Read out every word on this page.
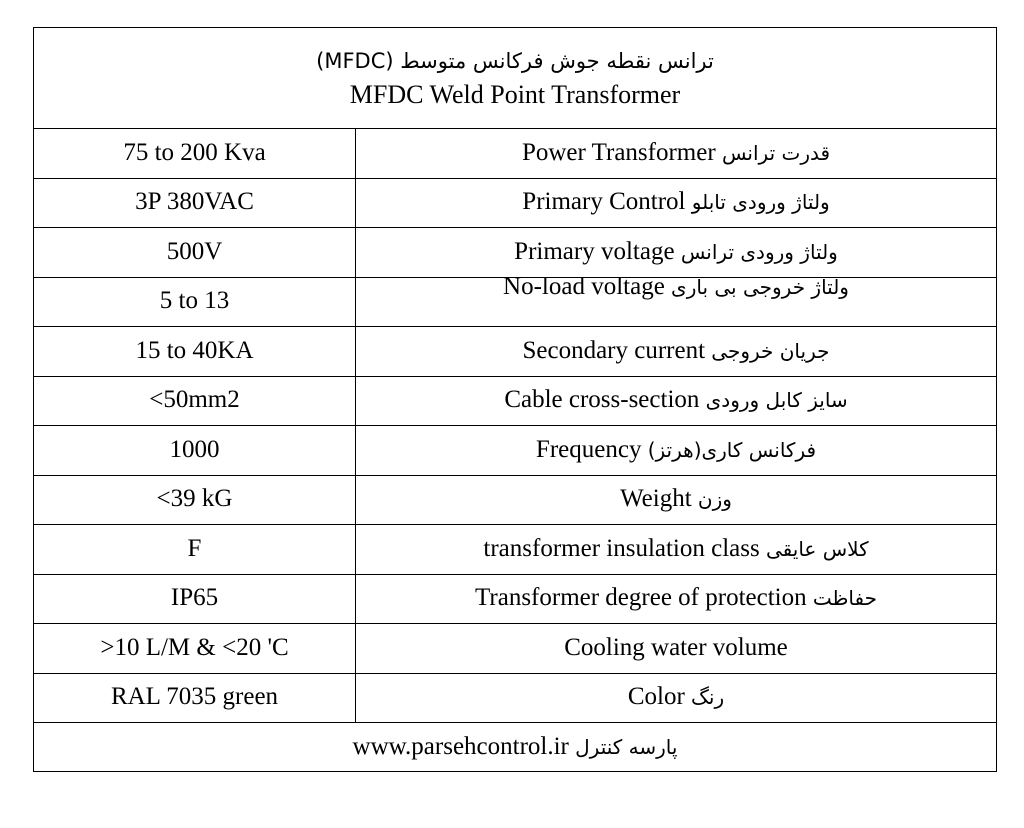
ترانس نقطه جوش فرکانس متوسط (MFDC)
MFDC Weld Point Transformer	

75 to 200 Kva	Power Transformer قدرت ترانس
3P 380VAC	Primary Control ولتاژ ورودی تابلو
500V	Primary voltage ولتاژ ورودی ترانس
5 to 13	No-load voltage ولتاژ خروجی بی باری
15 to 40KA	Secondary current جریان خروجی
<50mm2	Cable cross-section سایز کابل ورودی
1000	Frequency فرکانس کاری(هرتز)
<39 kG	Weight وزن
F	transformer insulation class کلاس عایقی
IP65	Transformer degree of protection حفاظت
>10 L/M & <20 'C	Cooling water volume
RAL 7035 green	Color رنگ
www.parsehcontrol.ir پارسه کنترل	
